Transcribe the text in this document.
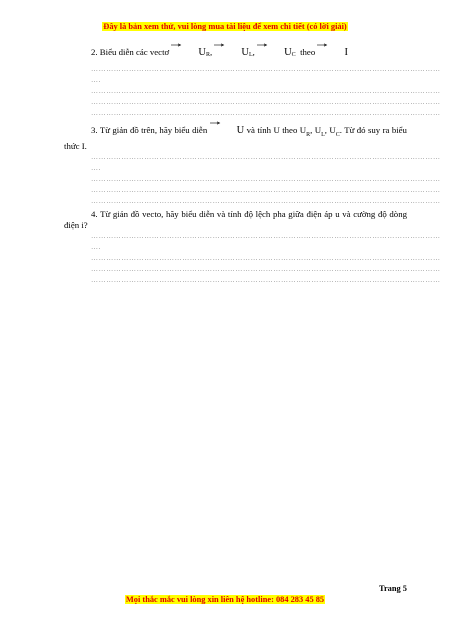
Đây là bản xem thử, vui lòng mua tài liệu để xem chi tiết (có lời giải)

2. Biểu diễn các vectơ	$U_R$,	$U_L$,	$U_C$ theo	I

…………………………………………………………………………………………………………………………
….
…………………………………………………………………………………………………………………………
…………………………………………………………………………………………………………………………
…………………………………………………………………………………………………………………………

3. Từ giản đồ trên, hãy biểu diễn	U và tính U theo $U_R$, $U_L$, $U_C$. Từ đó suy ra biểu thức I.

…………………………………………………………………………………………………………………………
….
…………………………………………………………………………………………………………………………
…………………………………………………………………………………………………………………………
…………………………………………………………………………………………………………………………

4. Từ giản đồ vecto, hãy biểu diễn và tính độ lệch pha giữa điện áp u và cường độ dòng điện i?

…………………………………………………………………………………………………………………………
….
…………………………………………………………………………………………………………………………
…………………………………………………………………………………………………………………………
…………………………………………………………………………………………………………………………
Trang 5
Mọi thắc mắc vui lòng xin liên hệ hotline: 084 283 45 85
